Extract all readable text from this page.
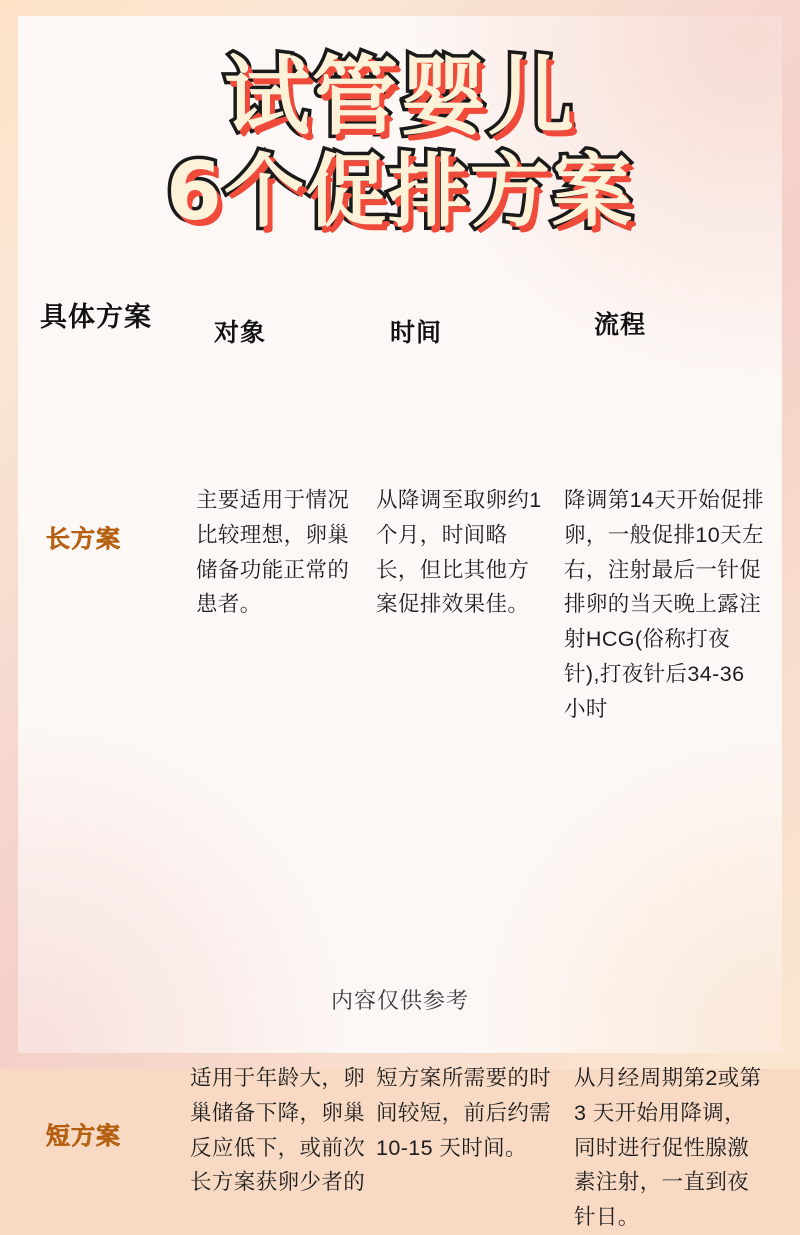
试管婴儿
6个促排方案
具体方案
对象	时间	流程
长方案
主要适用于情况比较理想，卵巢储备功能正常的患者。
从降调至取卵约1个月，时间略长，但比其他方案促排效果佳。
降调第14天开始促排卵，一般促排10天左右，注射最后一针促排卵的当天晚上露注射HCG(俗称打夜针),打夜针后34-36小时
短方案
适用于年龄大，卵巢储备下降，卵巢反应低下，或前次长方案获卵少者的
短方案所需要的时间较短，前后约需 10-15 天时间。
从月经周期第2或第 3 天开始用降调，同时进行促性腺激素注射，一直到夜针日。
内容仅供参考
